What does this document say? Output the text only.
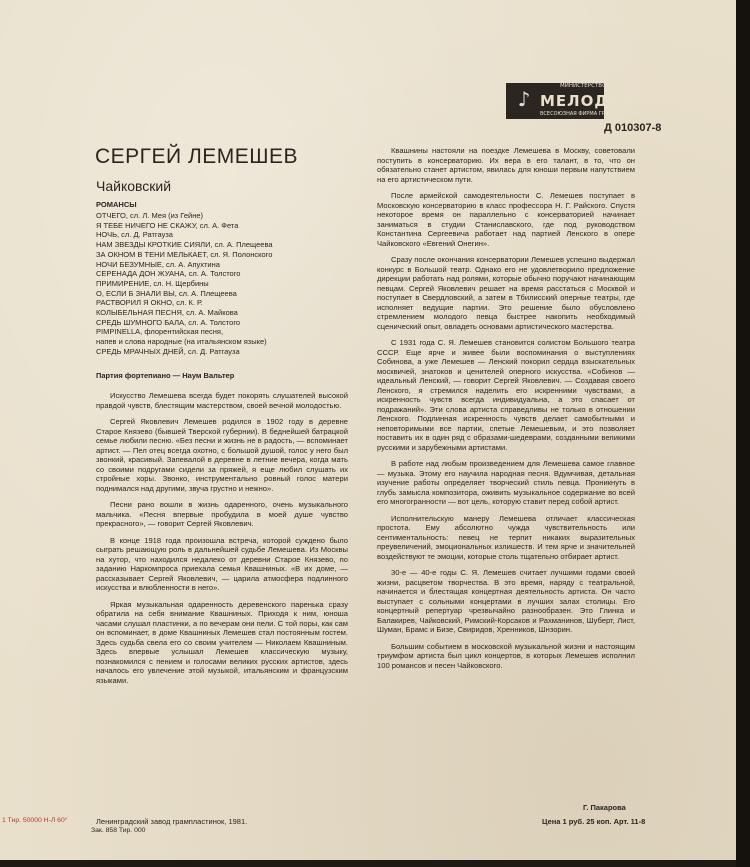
♪
МИНИСТЕРСТВО КУЛЬТУРЫ СССР
МЕЛОДИЯ
ВСЕСОЮЗНАЯ ФИРМА ГРАМПЛАСТИНОК
Д 010307-8
СЕРГЕЙ ЛЕМЕШЕВ
Чайковский
РОМАНСЫ
ОТЧЕГО, сл. Л. Мея (из Гейне)
Я ТЕБЕ НИЧЕГО НЕ СКАЖУ, сл. А. Фета
НОЧЬ, сл. Д. Ратгауза
НАМ ЗВЕЗДЫ КРОТКИЕ СИЯЛИ, сл. А. Плещеева
ЗА ОКНОМ В ТЕНИ МЕЛЬКАЕТ, сл. Я. Полонского
НОЧИ БЕЗУМНЫЕ, сл. А. Апухтина
СЕРЕНАДА ДОН ЖУАНА, сл. А. Толстого
ПРИМИРЕНИЕ, сл. Н. Щербины
О, ЕСЛИ Б ЗНАЛИ ВЫ, сл. А. Плещеева
РАСТВОРИЛ Я ОКНО, сл. К. Р.
КОЛЫБЕЛЬНАЯ ПЕСНЯ, сл. А. Майкова
СРЕДЬ ШУМНОГО БАЛА, сл. А. Толстого
PIMPINELLA, флорентийская песня,
напев и слова народные (на итальянском языке)
СРЕДЬ МРАЧНЫХ ДНЕЙ, сл. Д. Ратгауза
Партия фортепиано — Наум Вальтер

Искусство Лемешева всегда будет покорять слушателей высокой правдой чувств, блестящим мастерством, своей вечной молодостью.

Сергей Яковлевич Лемешев родился в 1902 году в деревне Старое Князево (бывшей Тверской губернии). В беднейшей батрацкой семье любили песню. «Без песни и жизнь не в радость, — вспоминает артист. — Пел отец всегда охотно, с большой душой, голос у него был звонкий, красивый. Запевалой в деревне в летние вечера, когда мать со своими подругами сидели за пряжей, я еще любил слушать их стройные хоры. Звонко, инструментально ровный голос матери поднимался над другими, звуча грустно и нежно».

Песни рано вошли в жизнь одаренного, очень музыкального мальчика. «Песня впервые пробудила в моей душе чувство прекрасного», — говорит Сергей Яковлевич.

В конце 1918 года произошла встреча, которой суждено было сыграть решающую роль в дальнейшей судьбе Лемешева. Из Москвы на хутор, что находился недалеко от деревни Старое Князево, по заданию Наркомпроса приехала семья Квашниных. «В их доме, — рассказывает Сергей Яковлевич, — царила атмосфера подлинного искусства и влюбленности в него».

Яркая музыкальная одаренность деревенского паренька сразу обратила на себя внимание Квашниных. Приходя к ним, юноша часами слушал пластинки, а по вечерам они пели. С той поры, как сам он вспоминает, в доме Квашниных Лемешев стал постоянным гостем. Здесь судьба свела его со своим учителем — Николаем Квашниным. Здесь впервые услышал Лемешев классическую музыку, познакомился с пением и голосами великих русских артистов, здесь началось его увлечение этой музыкой, итальянским и французским языками.

Квашнины настояли на поездке Лемешева в Москву, советовали поступить в консерваторию. Их вера в его талант, в то, что он обязательно станет артистом, явилась для юноши первым напутствием на его артистическом пути.

После армейской самодеятельности С. Лемешев поступает в Московскую консерваторию в класс профессора Н. Г. Райского. Спустя некоторое время он параллельно с консерваторией начинает заниматься в студии Станиславского, где под руководством Константина Сергеевича работает над партией Ленского в опере Чайковского «Евгений Онегин».

Сразу после окончания консерватории Лемешев успешно выдержал конкурс в Большой театр. Однако его не удовлетворило предложение дирекции работать над ролями, которые обычно поручают начинающим певцам. Сергей Яковлевич решает на время расстаться с Москвой и поступает в Свердловский, а затем в Тбилисский оперные театры, где исполняет ведущие партии. Это решение было обусловлено стремлением молодого певца быстрее накопить необходимый сценический опыт, овладеть основами артистического мастерства.

С 1931 года С. Я. Лемешев становится солистом Большого театра СССР. Еще ярче и живее были воспоминания о выступлениях Собинова, а уже Лемешев — Ленский покорил сердца взыскательных москвичей, знатоков и ценителей оперного искусства. «Собинов — идеальный Ленский, — говорит Сергей Яковлевич. — Создавая своего Ленского, я стремился наделить его искренними чувствами, а искренность чувств всегда индивидуальна, а это спасает от подражаний». Эти слова артиста справедливы не только в отношении Ленского. Подлинная искренность чувств делает самобытными и неповторимыми все партии, спетые Лемешевым, и это позволяет поставить их в один ряд с образами-шедеврами, созданными великими русскими и зарубежными артистами.

В работе над любым произведением для Лемешева самое главное — музыка. Этому его научила народная песня. Вдумчивая, детальная изучение работы определяет творческий стиль певца. Проникнуть в глубь замысла композитора, оживить музыкальное содержание во всей его многогранности — вот цель, которую ставит перед собой артист.

Исполнительскую манеру Лемешева отличает классическая простота. Ему абсолютно чужда чувствительность или сентиментальность: певец не терпит никаких выразительных преувеличений, эмоциональных излишеств. И тем ярче и значительней воздействуют те эмоции, которые столь тщательно отбирает артист.

30-е — 40-е годы С. Я. Лемешев считает лучшими годами своей жизни, расцветом творчества. В это время, наряду с театральной, начинается и блестящая концертная деятельность артиста. Он часто выступает с сольными концертами в лучших залах столицы. Его концертный репертуар чрезвычайно разнообразен. Это Глинка и Балакирев, Чайковский, Римский-Корсаков и Рахманинов, Шуберт, Лист, Шуман, Брамс и Бизе, Свиридов, Хренников, Шнзорин.

Большим событием в московской музыкальной жизни и настоящим триумфом артиста был цикл концертов, в которых Лемешев исполнил 100 романсов и песен Чайковского.

Г. Пакарова
1 Тир. 50000 Н-Л 60°	Ленинградский завод грампластинок, 1981.
Зак. 858 Тир. 000
Цена 1 руб. 25 коп. Арт. 11-8
